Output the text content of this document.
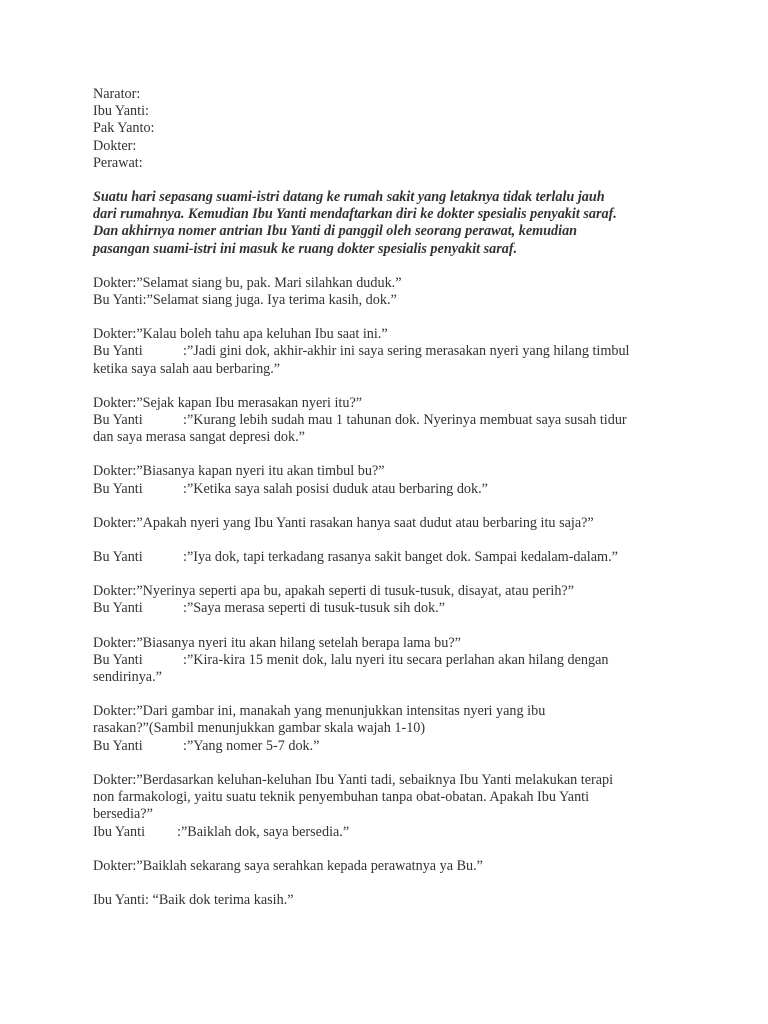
Narator:
Ibu Yanti:
Pak Yanto:
Dokter:
Perawat:
Suatu hari sepasang suami-istri datang ke rumah sakit yang letaknya tidak terlalu jauh
dari rumahnya. Kemudian Ibu Yanti mendaftarkan diri ke dokter spesialis penyakit saraf.
Dan akhirnya nomer antrian Ibu Yanti di panggil oleh seorang perawat, kemudian
pasangan suami-istri ini masuk ke ruang dokter spesialis penyakit saraf.
Dokter:”Selamat siang bu, pak. Mari silahkan duduk.”
Bu Yanti:”Selamat siang juga. Iya terima kasih, dok.”
Dokter:”Kalau boleh tahu apa keluhan Ibu saat ini.”
Bu Yanti	:”Jadi gini dok, akhir-akhir ini saya sering merasakan nyeri yang hilang timbul
ketika saya salah aau berbaring.”
Dokter:”Sejak kapan Ibu merasakan nyeri itu?”
Bu Yanti	:”Kurang lebih sudah mau 1 tahunan dok. Nyerinya membuat saya susah tidur
dan saya merasa sangat depresi dok.”
Dokter:”Biasanya kapan nyeri itu akan timbul bu?”
Bu Yanti	:”Ketika saya salah posisi duduk atau berbaring dok.”
Dokter:”Apakah nyeri yang Ibu Yanti rasakan hanya saat dudut atau berbaring itu saja?”
Bu Yanti	:”Iya dok, tapi terkadang rasanya sakit banget dok. Sampai kedalam-dalam.”
Dokter:”Nyerinya seperti apa bu, apakah seperti di tusuk-tusuk, disayat, atau perih?”
Bu Yanti	:”Saya merasa seperti di tusuk-tusuk sih dok.”
Dokter:”Biasanya nyeri itu akan hilang setelah berapa lama bu?”
Bu Yanti	:”Kira-kira 15 menit dok, lalu nyeri itu secara perlahan akan hilang dengan
sendirinya.”
Dokter:”Dari gambar ini, manakah yang menunjukkan intensitas nyeri yang ibu
rasakan?”(Sambil menunjukkan gambar skala wajah 1-10)
Bu Yanti	:”Yang nomer 5-7 dok.”
Dokter:”Berdasarkan keluhan-keluhan Ibu Yanti tadi, sebaiknya Ibu Yanti melakukan terapi
non farmakologi, yaitu suatu teknik penyembuhan tanpa obat-obatan. Apakah Ibu Yanti
bersedia?”
Ibu Yanti :”Baiklah dok, saya bersedia.”
Dokter:”Baiklah sekarang saya serahkan kepada perawatnya ya Bu.”
Ibu Yanti: “Baik dok terima kasih.”
